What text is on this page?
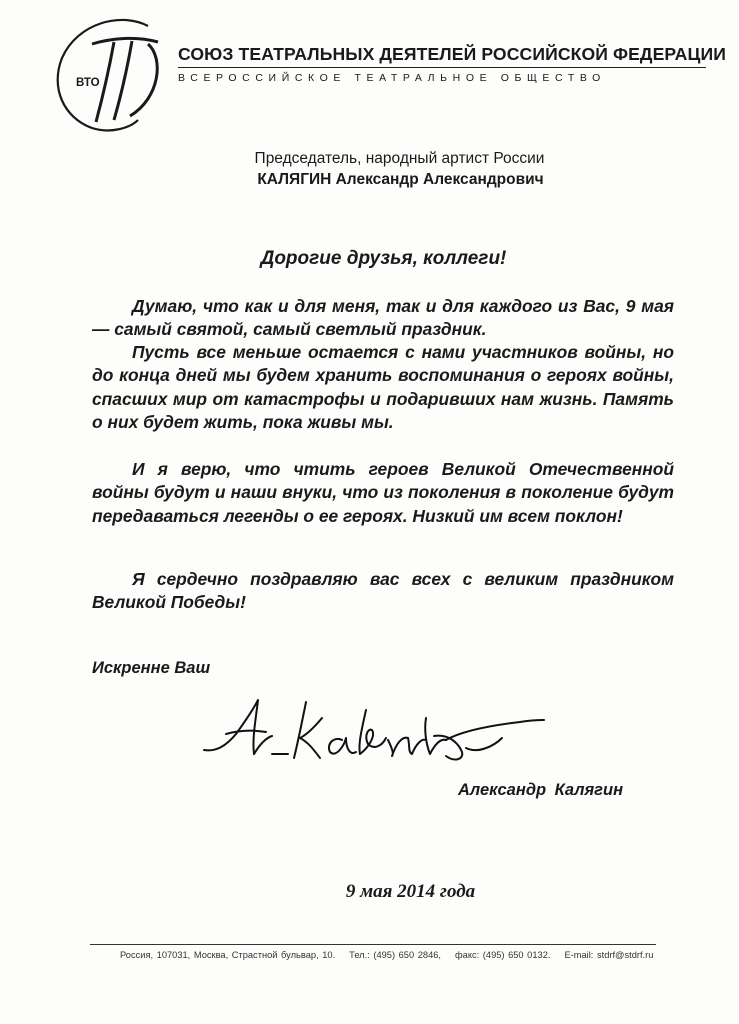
ВТО
СОЮЗ ТЕАТРАЛЬНЫХ ДЕЯТЕЛЕЙ РОССИЙСКОЙ ФЕДЕРАЦИИ
ВСЕРОССИЙСКОЕ ТЕАТРАЛЬНОЕ ОБЩЕСТВО
Председатель, народный артист России
КАЛЯГИН Александр Александрович
Дорогие друзья, коллеги!
Думаю, что как и для меня, так и для каждого из Вас, 9 мая — самый святой, самый светлый праздник.
Пусть все меньше остается с нами участников войны, но до конца дней мы будем хранить воспоминания о героях войны, спасших мир от катастрофы и подаривших нам жизнь. Память о них будет жить, пока живы мы.
И я верю, что чтить героев Великой Отечественной войны будут и наши внуки, что из поколения в поколение будут передаваться легенды о ее героях. Низкий им всем поклон!
Я сердечно поздравляю вас всех с великим праздником Великой Победы!
Искренне Ваш
Александр Калягин
9 мая 2014 года
Россия, 107031, Москва, Страстной бульвар, 10. Тел.: (495) 650 2846, факс: (495) 650 0132. E-mail: stdrf@stdrf.ru
